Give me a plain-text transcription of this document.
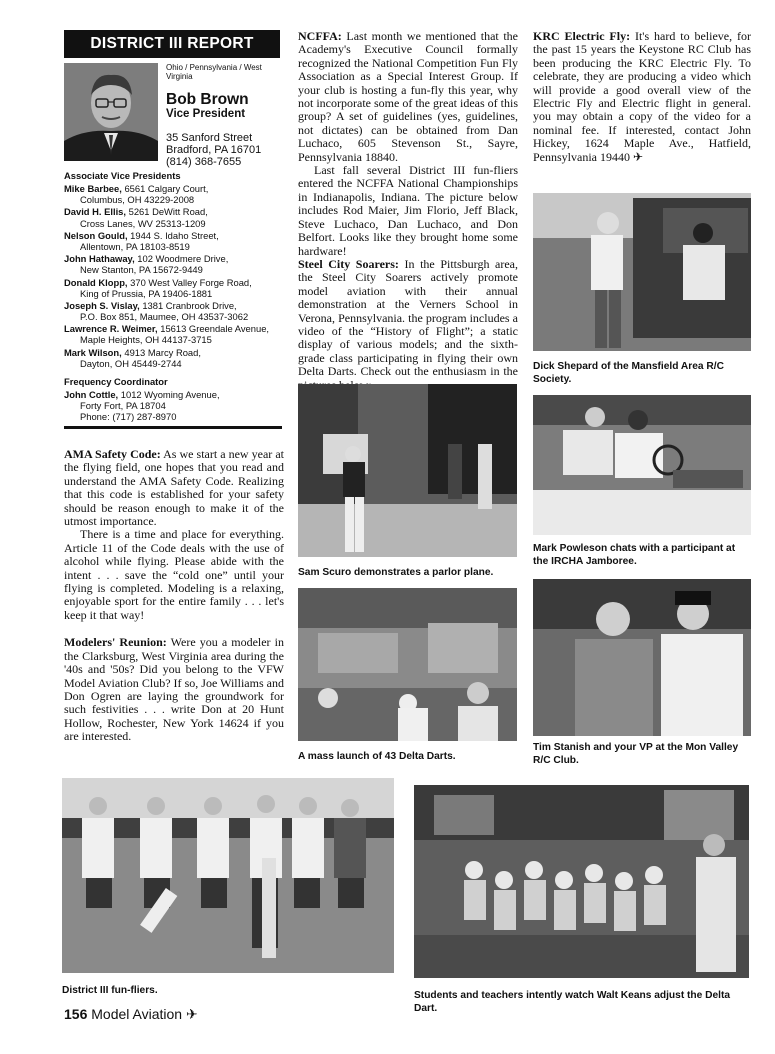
DISTRICT III REPORT
Ohio / Pennsylvania / West Virginia
Bob Brown
Vice President
35 Sanford Street
Bradford, PA 16701
(814) 368-7655
Associate Vice Presidents
Mike Barbee, 6561 Calgary Court,
Columbus, OH 43229-2008
David H. Ellis, 5261 DeWitt Road,
Cross Lanes, WV 25313-1209
Nelson Gould, 1944 S. Idaho Street,
Allentown, PA 18103-8519
John Hathaway, 102 Woodmere Drive,
New Stanton, PA 15672-9449
Donald Klopp, 370 West Valley Forge Road,
King of Prussia, PA 19406-1881
Joseph S. Vislay, 1381 Cranbrook Drive,
P.O. Box 851, Maumee, OH 43537-3062
Lawrence R. Weimer, 15613 Greendale Avenue,
Maple Heights, OH 44137-3715
Mark Wilson, 4913 Marcy Road,
Dayton, OH 45449-2744
Frequency Coordinator
John Cottle, 1012 Wyoming Avenue,
Forty Fort, PA 18704
Phone: (717) 287-8970

AMA Safety Code: As we start a new year at the flying field, one hopes that you read and understand the AMA Safety Code. Realizing that this code is established for your safety should be reason enough to make it of the utmost importance.

There is a time and place for everything. Article 11 of the Code deals with the use of alcohol while flying. Please abide with the intent . . . save the “cold one” until your flying is completed. Modeling is a relaxing, enjoyable sport for the entire family . . . let's keep it that way!

Modelers' Reunion: Were you a modeler in the Clarksburg, West Virginia area during the '40s and '50s? Did you belong to the VFW Model Aviation Club? If so, Joe Williams and Don Ogren are laying the groundwork for such festivities . . . write Don at 20 Hunt Hollow, Rochester, New York 14624 if you are interested.

NCFFA: Last month we mentioned that the Academy's Executive Council formally recognized the National Competition Fun Fly Association as a Special Interest Group. If your club is hosting a fun-fly this year, why not incorporate some of the great ideas of this group? A set of guidelines (yes, guidelines, not dictates) can be obtained from Dan Luchaco, 605 Stevenson St., Sayre, Pennsylvania 18840.

Last fall several District III fun-fliers entered the NCFFA National Championships in Indianapolis, Indiana. The picture below includes Rod Maier, Jim Florio, Jeff Black, Steve Luchaco, Dan Luchaco, and Don Belfort. Looks like they brought home some hardware!

Steel City Soarers: In the Pittsburgh area, the Steel City Soarers actively promote model aviation with their annual demonstration at the Verners School in Verona, Pennsylvania. the program includes a video of the “History of Flight”; a static display of various models; and the sixth-grade class participating in flying their own Delta Darts. Check out the enthusiasm in the

KRC Electric Fly: It's hard to believe, for the past 15 years the Keystone RC Club has been producing the KRC Electric Fly. To celebrate, they are producing a video which will provide a good overall view of the Electric Fly and Electric flight in general. you may obtain a copy of the video for a nominal fee. If interested, contact John Hickey, 1624 Maple Ave., Hatfield, Pennsylvania 19440 ✈

Sam Scuro demonstrates a parlor plane.
A mass launch of 43 Delta Darts.
Dick Shepard of the Mansfield Area R/C Society.
Mark Powleson chats with a participant at the IRCHA Jamboree.
Tim Stanish and your VP at the Mon Valley R/C Club.
District III fun-fliers.	Students and teachers intently watch Walt Keans adjust the Delta Dart.
156 Model Aviation ✈
